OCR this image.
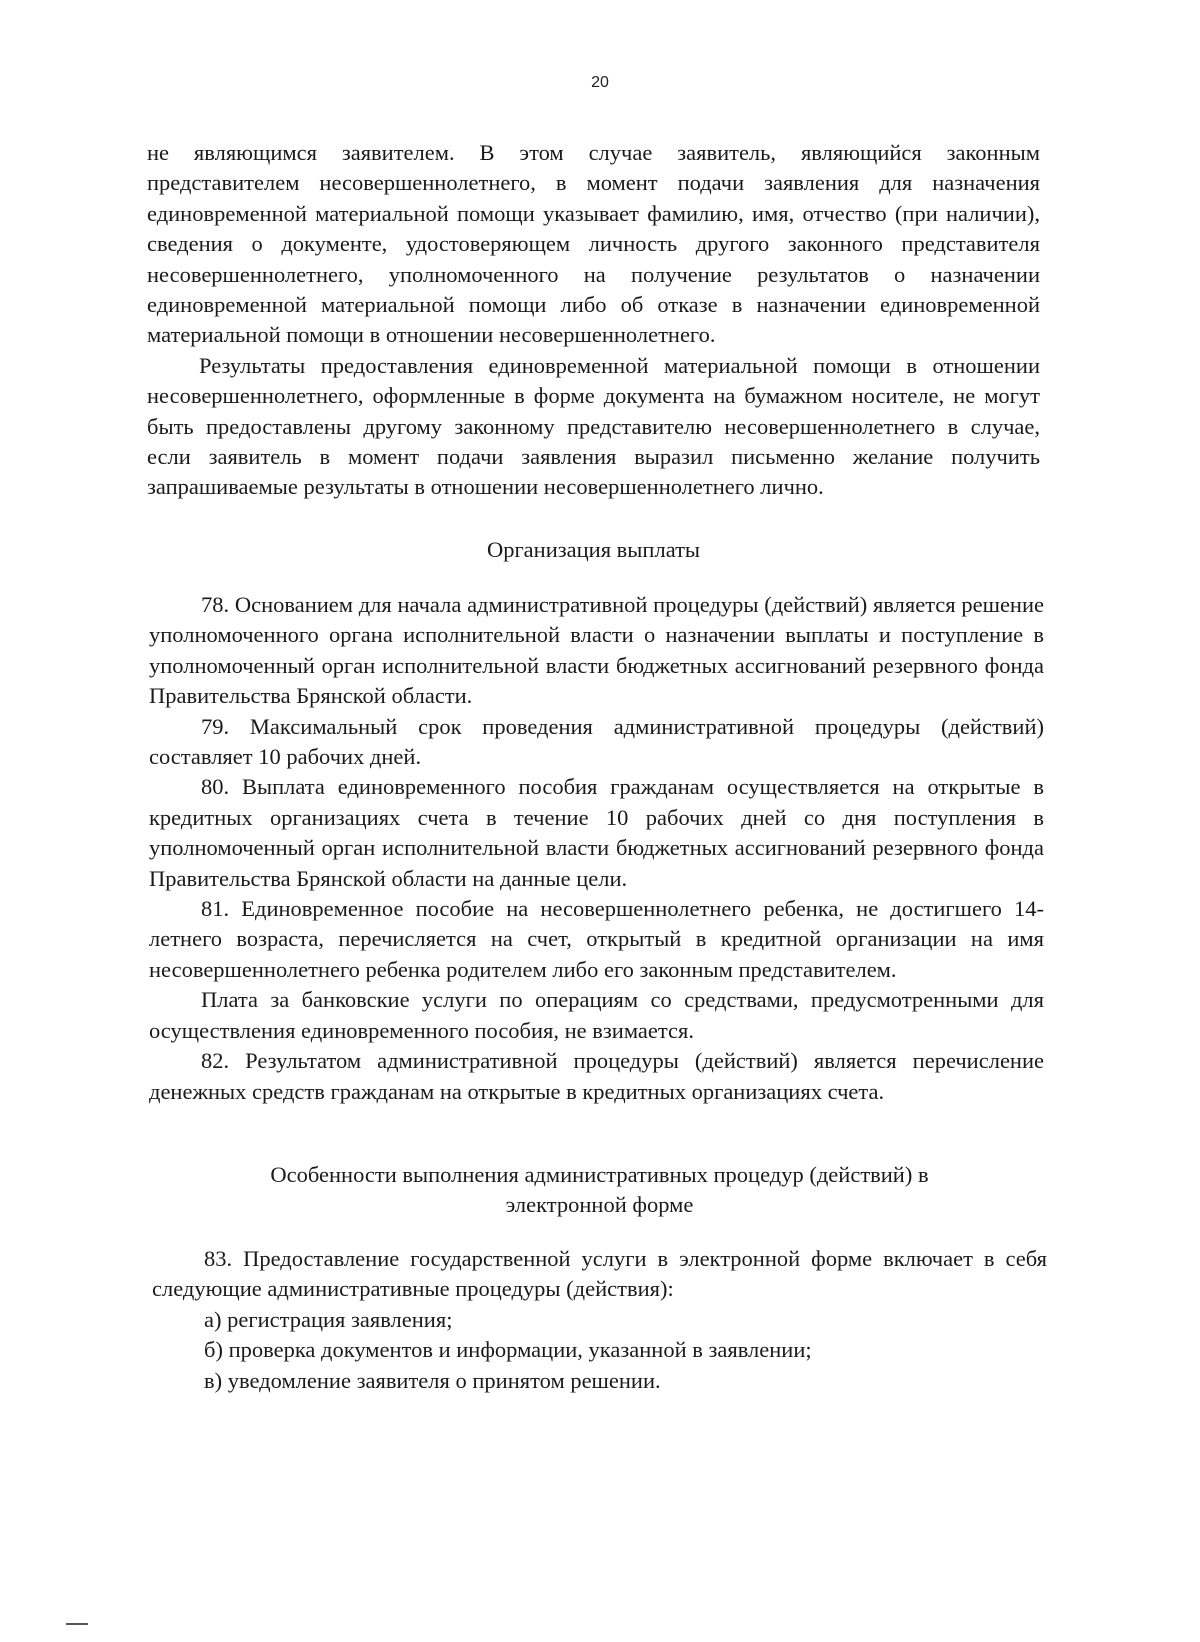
20

не являющимся заявителем. В этом случае заявитель, являющийся законным представителем несовершеннолетнего, в момент подачи заявления для назначения единовременной материальной помощи указывает фамилию, имя, отчество (при наличии), сведения о документе, удостоверяющем личность другого законного представителя несовершеннолетнего, уполномоченного на получение результатов о назначении единовременной материальной помощи либо об отказе в назначении единовременной материальной помощи в отношении несовершеннолетнего.

Результаты предоставления единовременной материальной помощи в отношении несовершеннолетнего, оформленные в форме документа на бумажном носителе, не могут быть предоставлены другому законному представителю несовершеннолетнего в случае, если заявитель в момент подачи заявления выразил письменно желание получить запрашиваемые результаты в отношении несовершеннолетнего лично.

Организация выплаты

78. Основанием для начала административной процедуры (действий) является решение уполномоченного органа исполнительной власти о назначении выплаты и поступление в уполномоченный орган исполнительной власти бюджетных ассигнований резервного фонда Правительства Брянской области.

79. Максимальный срок проведения административной процедуры (действий) составляет 10 рабочих дней.

80. Выплата единовременного пособия гражданам осуществляется на открытые в кредитных организациях счета в течение 10 рабочих дней со дня поступления в уполномоченный орган исполнительной власти бюджетных ассигнований резервного фонда Правительства Брянской области на данные цели.

81. Единовременное пособие на несовершеннолетнего ребенка, не достигшего 14-летнего возраста, перечисляется на счет, открытый в кредитной организации на имя несовершеннолетнего ребенка родителем либо его законным представителем.

Плата за банковские услуги по операциям со средствами, предусмотренными для осуществления единовременного пособия, не взимается.

82. Результатом административной процедуры (действий) является перечисление денежных средств гражданам на открытые в кредитных организациях счета.

Особенности выполнения административных процедур (действий) в

электронной форме

83. Предоставление государственной услуги в электронной форме включает в себя следующие административные процедуры (действия):

а) регистрация заявления;

б) проверка документов и информации, указанной в заявлении;

в) уведомление заявителя о принятом решении.
